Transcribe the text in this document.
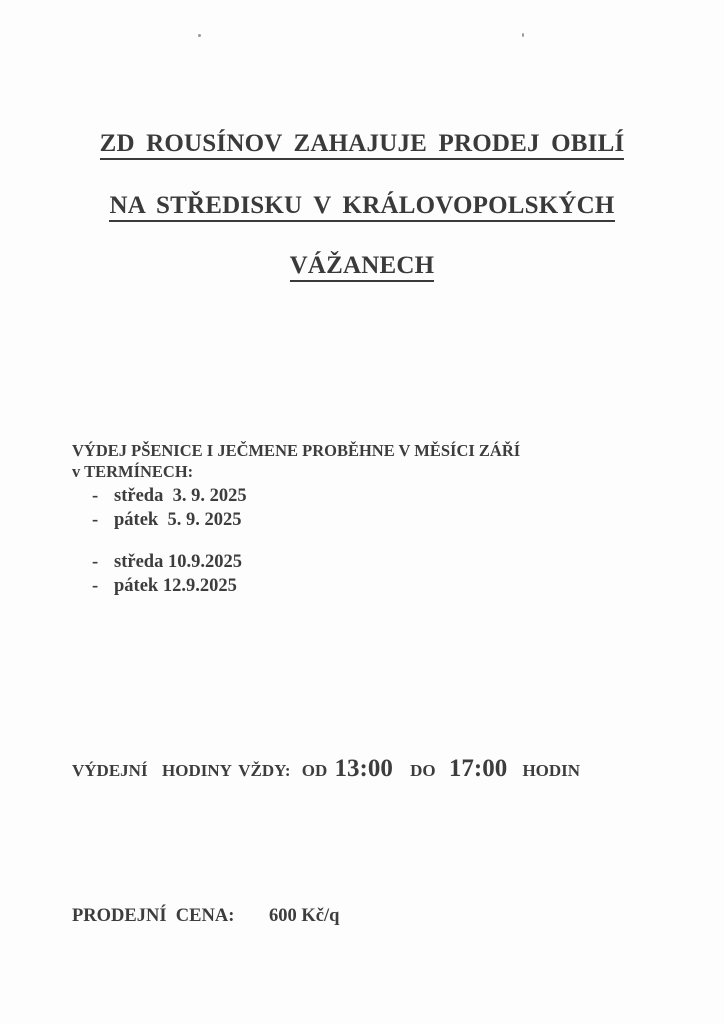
ZD ROUSÍNOV ZAHAJUJE PRODEJ OBILÍ
NA STŘEDISKU V KRÁLOVOPOLSKÝCH
VÁŽANECH
VÝDEJ PŠENICE I JEČMENE PROBĚHNE V MĚSÍCI ZÁŘÍ
v TERMÍNECH:
- středa  3. 9. 2025
- pátek  5. 9. 2025
- středa 10.9.2025
- pátek 12.9.2025
VÝDEJNÍ  HODINY VŽDY: OD 13:00 DO 17:00 HODIN
PRODEJNÍ  CENA: 600 Kč/q
